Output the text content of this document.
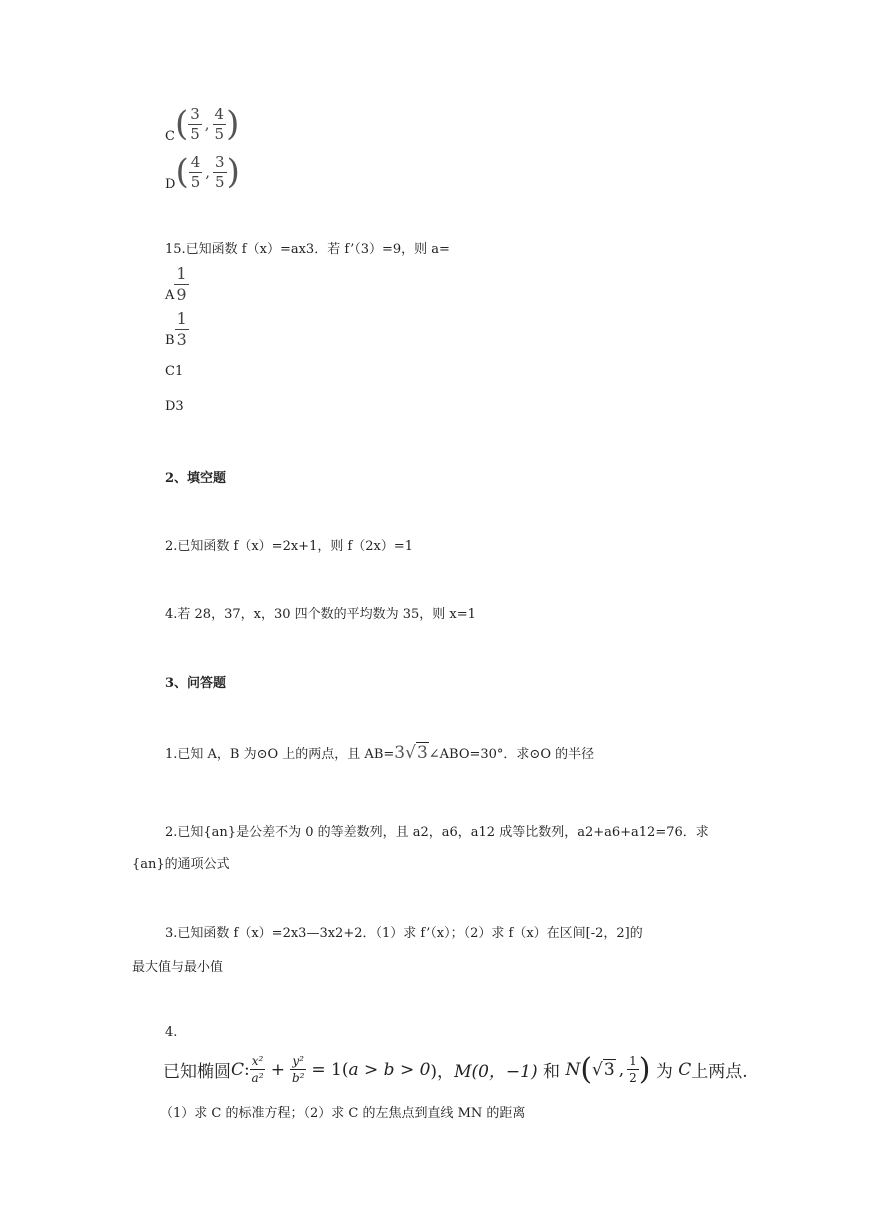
C ( $\frac{3}{5}$ , $\frac{4}{5}$ )
D ( $\frac{4}{5}$ , $\frac{3}{5}$ )
15.已知函数 f（x）=ax3．若 f’（3）=9，则 a=
A $\frac{1}{9}$
B $\frac{1}{3}$
C1
D3
2、填空题
2.已知函数 f（x）=2x+1，则 f（2x）=1
4.若 28，37，x，30 四个数的平均数为 35，则 x=1
3、问答题
1.已知 A，B 为⊙O 上的两点，且 AB=3√3∠ABO=30°．求⊙O 的半径
2.已知{an}是公差不为 0 的等差数列，且 a2，a6，a12 成等比数列，a2+a6+a12=76．求
{an}的通项公式
3.已知函数 f（x）=2x3—3x2+2．（1）求 f’（x）；（2）求 f（x）在区间[-2，2]的
最大值与最小值
4.
已知椭圆 C : $\frac{\text{x²}}{\text{a²}} + \frac{\text{y²}}{\text{b²}} = 1$( a > b > 0 )， M(0，−1) 和 N ( √3 , $\frac{1}{2}$ ) 为 C 上两点.
（1）求 C 的标准方程；（2）求 C 的左焦点到直线 MN 的距离
